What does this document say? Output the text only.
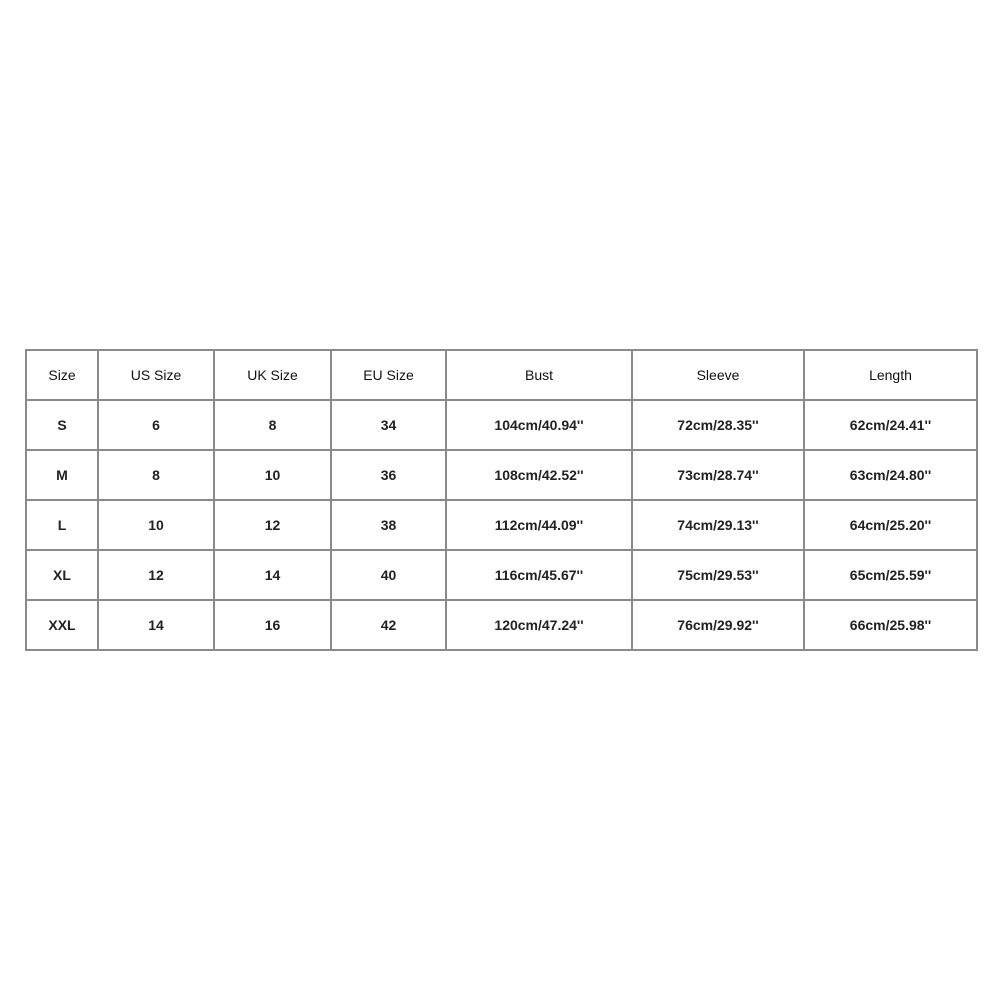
Size	US Size	UK Size	EU Size	Bust	Sleeve	Length
S	6	8	34	104cm/40.94''	72cm/28.35''	62cm/24.41''
M	8	10	36	108cm/42.52''	73cm/28.74''	63cm/24.80''
L	10	12	38	112cm/44.09''	74cm/29.13''	64cm/25.20''
XL	12	14	40	116cm/45.67''	75cm/29.53''	65cm/25.59''
XXL	14	16	42	120cm/47.24''	76cm/29.92''	66cm/25.98''
